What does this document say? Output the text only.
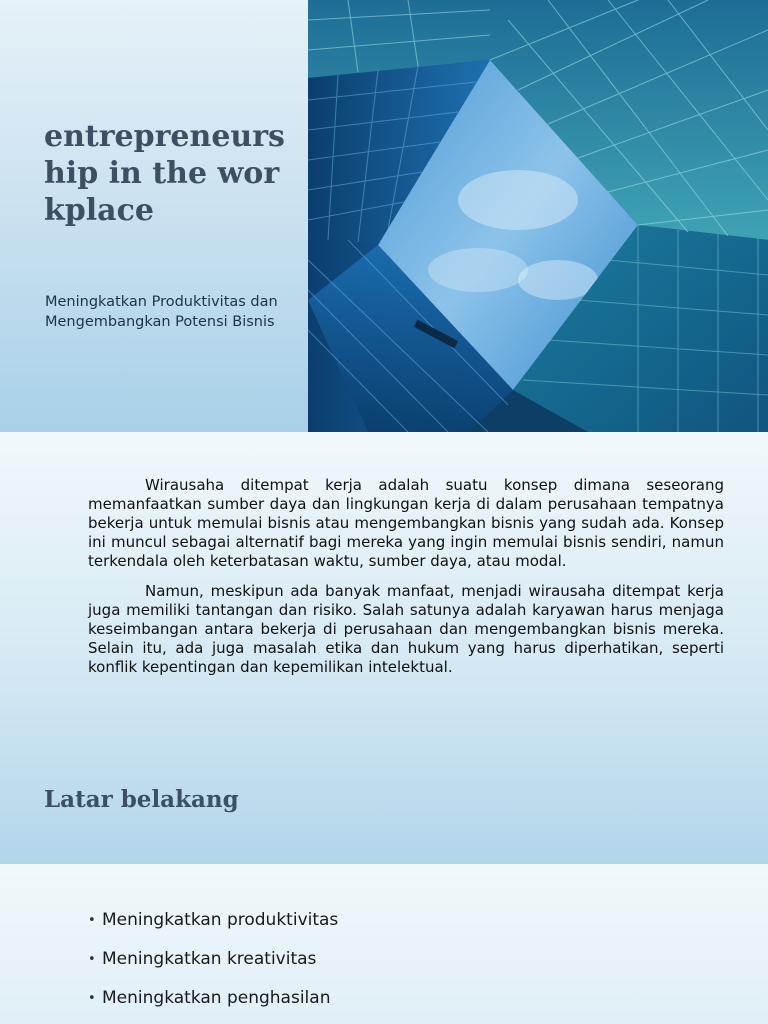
entrepreneurship in the workplace
Meningkatkan Produktivitas dan Mengembangkan Potensi Bisnis

Wirausaha ditempat kerja adalah suatu konsep dimana seseorang memanfaatkan sumber daya dan lingkungan kerja di dalam perusahaan tempatnya bekerja untuk memulai bisnis atau mengembangkan bisnis yang sudah ada. Konsep ini muncul sebagai alternatif bagi mereka yang ingin memulai bisnis sendiri, namun terkendala oleh keterbatasan waktu, sumber daya, atau modal.

Namun, meskipun ada banyak manfaat, menjadi wirausaha ditempat kerja juga memiliki tantangan dan risiko. Salah satunya adalah karyawan harus menjaga keseimbangan antara bekerja di perusahaan dan mengembangkan bisnis mereka. Selain itu, ada juga masalah etika dan hukum yang harus diperhatikan, seperti konflik kepentingan dan kepemilikan intelektual.

Latar belakang
• Meningkatkan produktivitas
• Meningkatkan kreativitas
• Meningkatkan penghasilan
